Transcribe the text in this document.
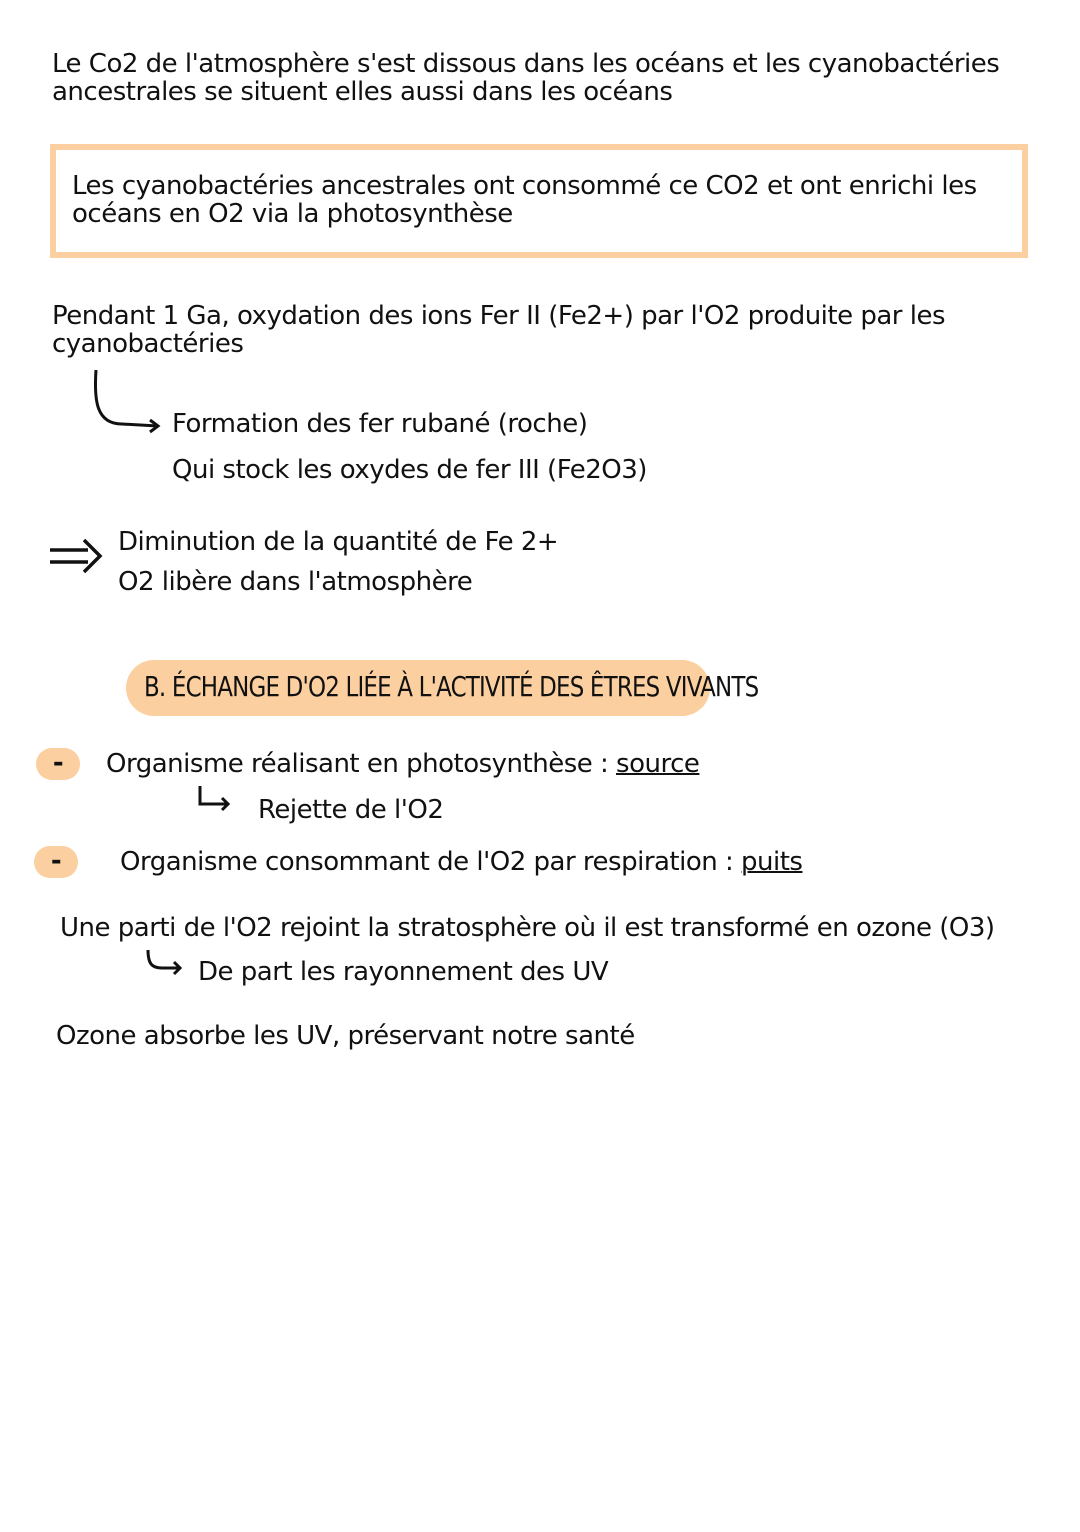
Le Co2 de l'atmosphère s'est dissous dans les océans et les cyanobactéries
ancestrales se situent elles aussi dans les océans
Les cyanobactéries ancestrales ont consommé ce CO2 et ont enrichi les
océans en O2 via la photosynthèse
Pendant 1 Ga, oxydation des ions Fer II (Fe2+) par l'O2 produite par les
cyanobactéries
Formation des fer rubané (roche)
Qui stock les oxydes de fer III (Fe2O3)
Diminution de la quantité de Fe 2+
O2 libère dans l'atmosphère
B. ÉCHANGE D'O2 LIÉE À L'ACTIVITÉ DES ÊTRES VIVANTS
-	Organisme réalisant en photosynthèse : source
Rejette de l'O2
-	Organisme consommant de l'O2 par respiration : puits
Une parti de l'O2 rejoint la stratosphère où il est transformé en ozone (O3)
De part les rayonnement des UV
Ozone absorbe les UV, préservant notre santé
